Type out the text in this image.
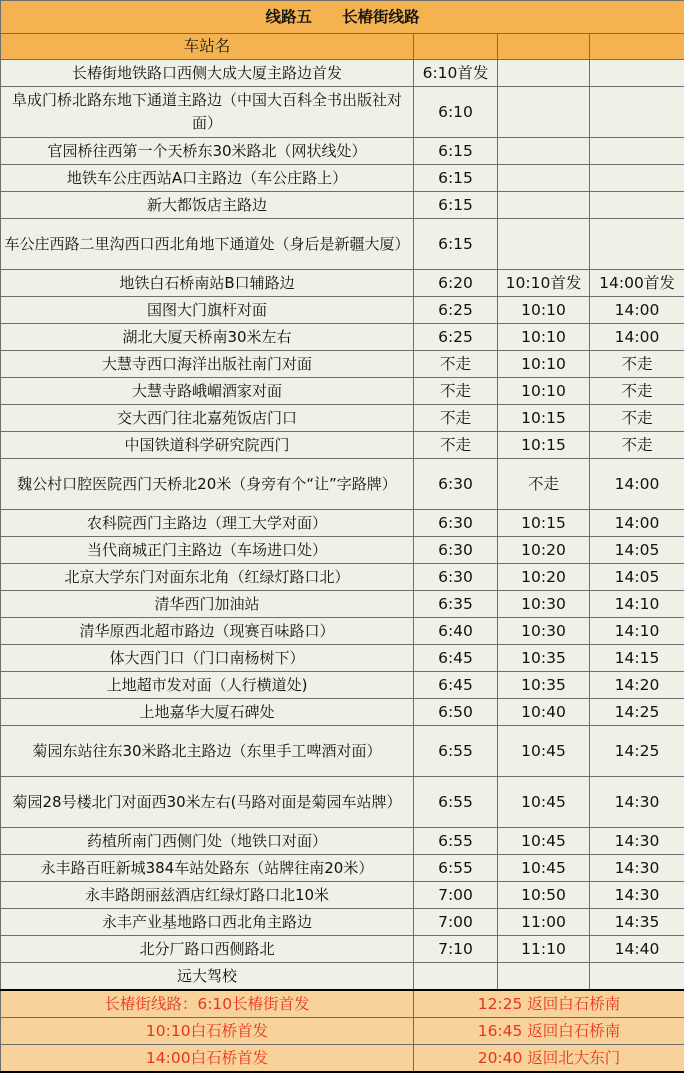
线路五 长椿街线路			
车站名			
长椿街地铁路口西侧大成大厦主路边首发	6:10首发		
阜成门桥北路东地下通道主路边（中国大百科全书出版社对面）	6:10		
官园桥往西第一个天桥东30米路北（网状线处）	6:15		
地铁车公庄西站A口主路边（车公庄路上）	6:15		
新大都饭店主路边	6:15		
车公庄西路二里沟西口西北角地下通道处（身后是新疆大厦）	6:15		
地铁白石桥南站B口辅路边	6:20	10:10首发	14:00首发
国图大门旗杆对面	6:25	10:10	14:00
湖北大厦天桥南30米左右	6:25	10:10	14:00
大慧寺西口海洋出版社南门对面	不走	10:10	不走
大慧寺路峨嵋酒家对面	不走	10:10	不走
交大西门往北嘉苑饭店门口	不走	10:15	不走
中国铁道科学研究院西门	不走	10:15	不走
魏公村口腔医院西门天桥北20米（身旁有个“让”字路牌）	6:30	不走	14:00
农科院西门主路边（理工大学对面）	6:30	10:15	14:00
当代商城正门主路边（车场进口处）	6:30	10:20	14:05
北京大学东门对面东北角（红绿灯路口北）	6:30	10:20	14:05
清华西门加油站	6:35	10:30	14:10
清华原西北超市路边（现赛百味路口）	6:40	10:30	14:10
体大西门口（门口南杨树下）	6:45	10:35	14:15
上地超市发对面（人行横道处)	6:45	10:35	14:20
上地嘉华大厦石碑处	6:50	10:40	14:25
菊园东站往东30米路北主路边（东里手工啤酒对面）	6:55	10:45	14:25
菊园28号楼北门对面西30米左右(马路对面是菊园车站牌）	6:55	10:45	14:30
药植所南门西侧门处（地铁口对面）	6:55	10:45	14:30
永丰路百旺新城384车站处路东（站牌往南20米）	6:55	10:45	14:30
永丰路朗丽兹酒店红绿灯路口北10米	7:00	10:50	14:30
永丰产业基地路口西北角主路边	7:00	11:00	14:35
北分厂路口西侧路北	7:10	11:10	14:40
远大驾校			
长椿街线路：6:10长椿街首发	12:25 返回白石桥南		
10:10白石桥首发	16:45 返回白石桥南		
14:00白石桥首发	20:40 返回北大东门		
